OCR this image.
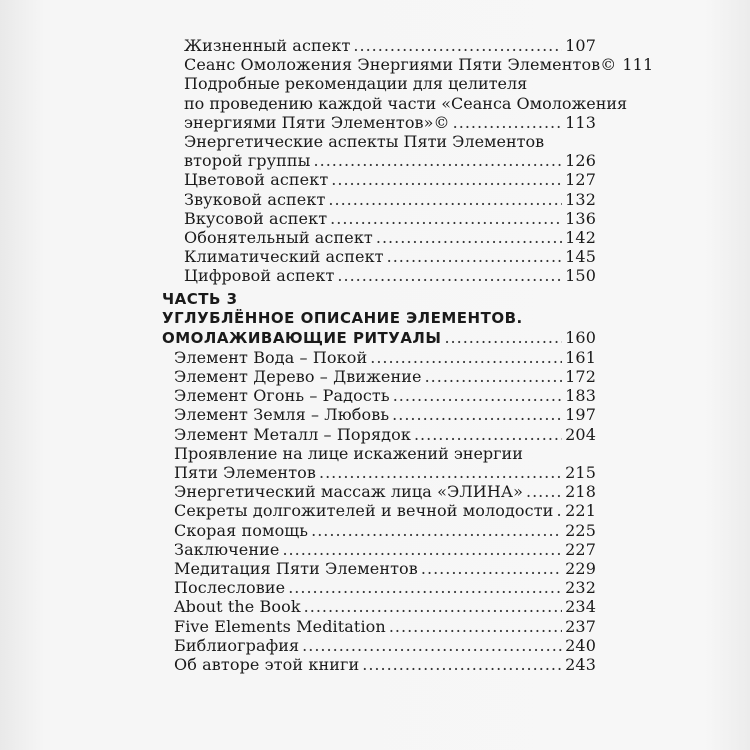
Жизненный аспект .....	107
Сеанс Омоложения Энергиями Пяти Элементов© 111
Подробные рекомендации для целителя
по проведению каждой части «Сеанса Омоложения
энергиями Пяти Элементов»© .....	113
Энергетические аспекты Пяти Элементов
второй группы .....	126
Цветовой аспект .....	127
Звуковой аспект .....	132
Вкусовой аспект .....	136
Обонятельный аспект .....	142
Климатический аспект .....	145
Цифровой аспект .....	150
ЧАСТЬ 3
УГЛУБЛЁННОЕ ОПИСАНИЕ ЭЛЕМЕНТОВ.
ОМОЛАЖИВАЮЩИЕ РИТУАЛЫ .....	160
Элемент Вода – Покой .....	161
Элемент Дерево – Движение .....	172
Элемент Огонь – Радость .....	183
Элемент Земля – Любовь .....	197
Элемент Металл – Порядок .....	204
Проявление на лице искажений энергии
Пяти Элементов .....	215
Энергетический массаж лица «ЭЛИНА» .....	218
Секреты долгожителей и вечной молодости ..... 221
Скорая помощь .....	225
Заключение .....	227
Медитация Пяти Элементов .....	229
Послесловие .....	232
About the Book .....	234
Five Elements Meditation .....	237
Библиография .....	240
Об авторе этой книги .....	243
